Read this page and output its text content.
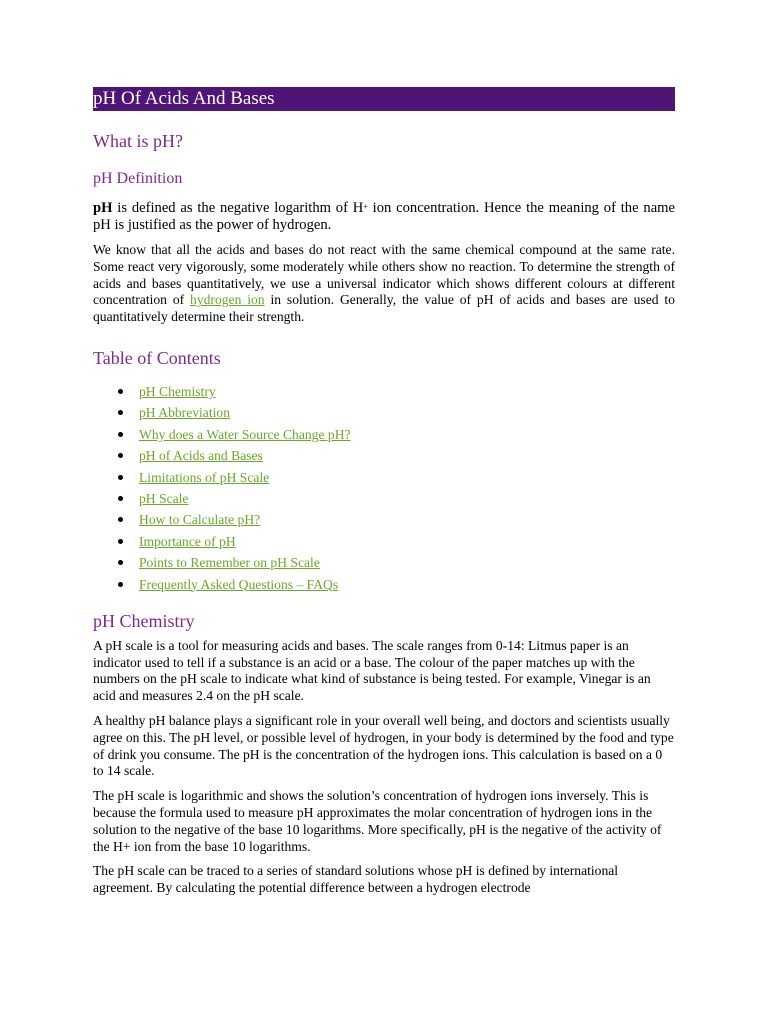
pH Of Acids And Bases
What is pH?
pH Definition

pH is defined as the negative logarithm of H+ ion concentration. Hence the meaning of the name pH is justified as the power of hydrogen.

We know that all the acids and bases do not react with the same chemical compound at the same rate. Some react very vigorously, some moderately while others show no reaction. To determine the strength of acids and bases quantitatively, we use a universal indicator which shows different colours at different concentration of hydrogen ion in solution. Generally, the value of pH of acids and bases are used to quantitatively determine their strength.

Table of Contents
pH Chemistry
pH Abbreviation
Why does a Water Source Change pH?
pH of Acids and Bases
Limitations of pH Scale
pH Scale
How to Calculate pH?
Importance of pH
Points to Remember on pH Scale
Frequently Asked Questions – FAQs
pH Chemistry

A pH scale is a tool for measuring acids and bases. The scale ranges from 0-14: Litmus paper is an indicator used to tell if a substance is an acid or a base. The colour of the paper matches up with the numbers on the pH scale to indicate what kind of substance is being tested. For example, Vinegar is an acid and measures 2.4 on the pH scale.

A healthy pH balance plays a significant role in your overall well being, and doctors and scientists usually agree on this. The pH level, or possible level of hydrogen, in your body is determined by the food and type of drink you consume. The pH is the concentration of the hydrogen ions. This calculation is based on a 0 to 14 scale.

The pH scale is logarithmic and shows the solution’s concentration of hydrogen ions inversely. This is because the formula used to measure pH approximates the molar concentration of hydrogen ions in the solution to the negative of the base 10 logarithms. More specifically, pH is the negative of the activity of the H+ ion from the base 10 logarithms.

The pH scale can be traced to a series of standard solutions whose pH is defined by international agreement. By calculating the potential difference between a hydrogen electrode
